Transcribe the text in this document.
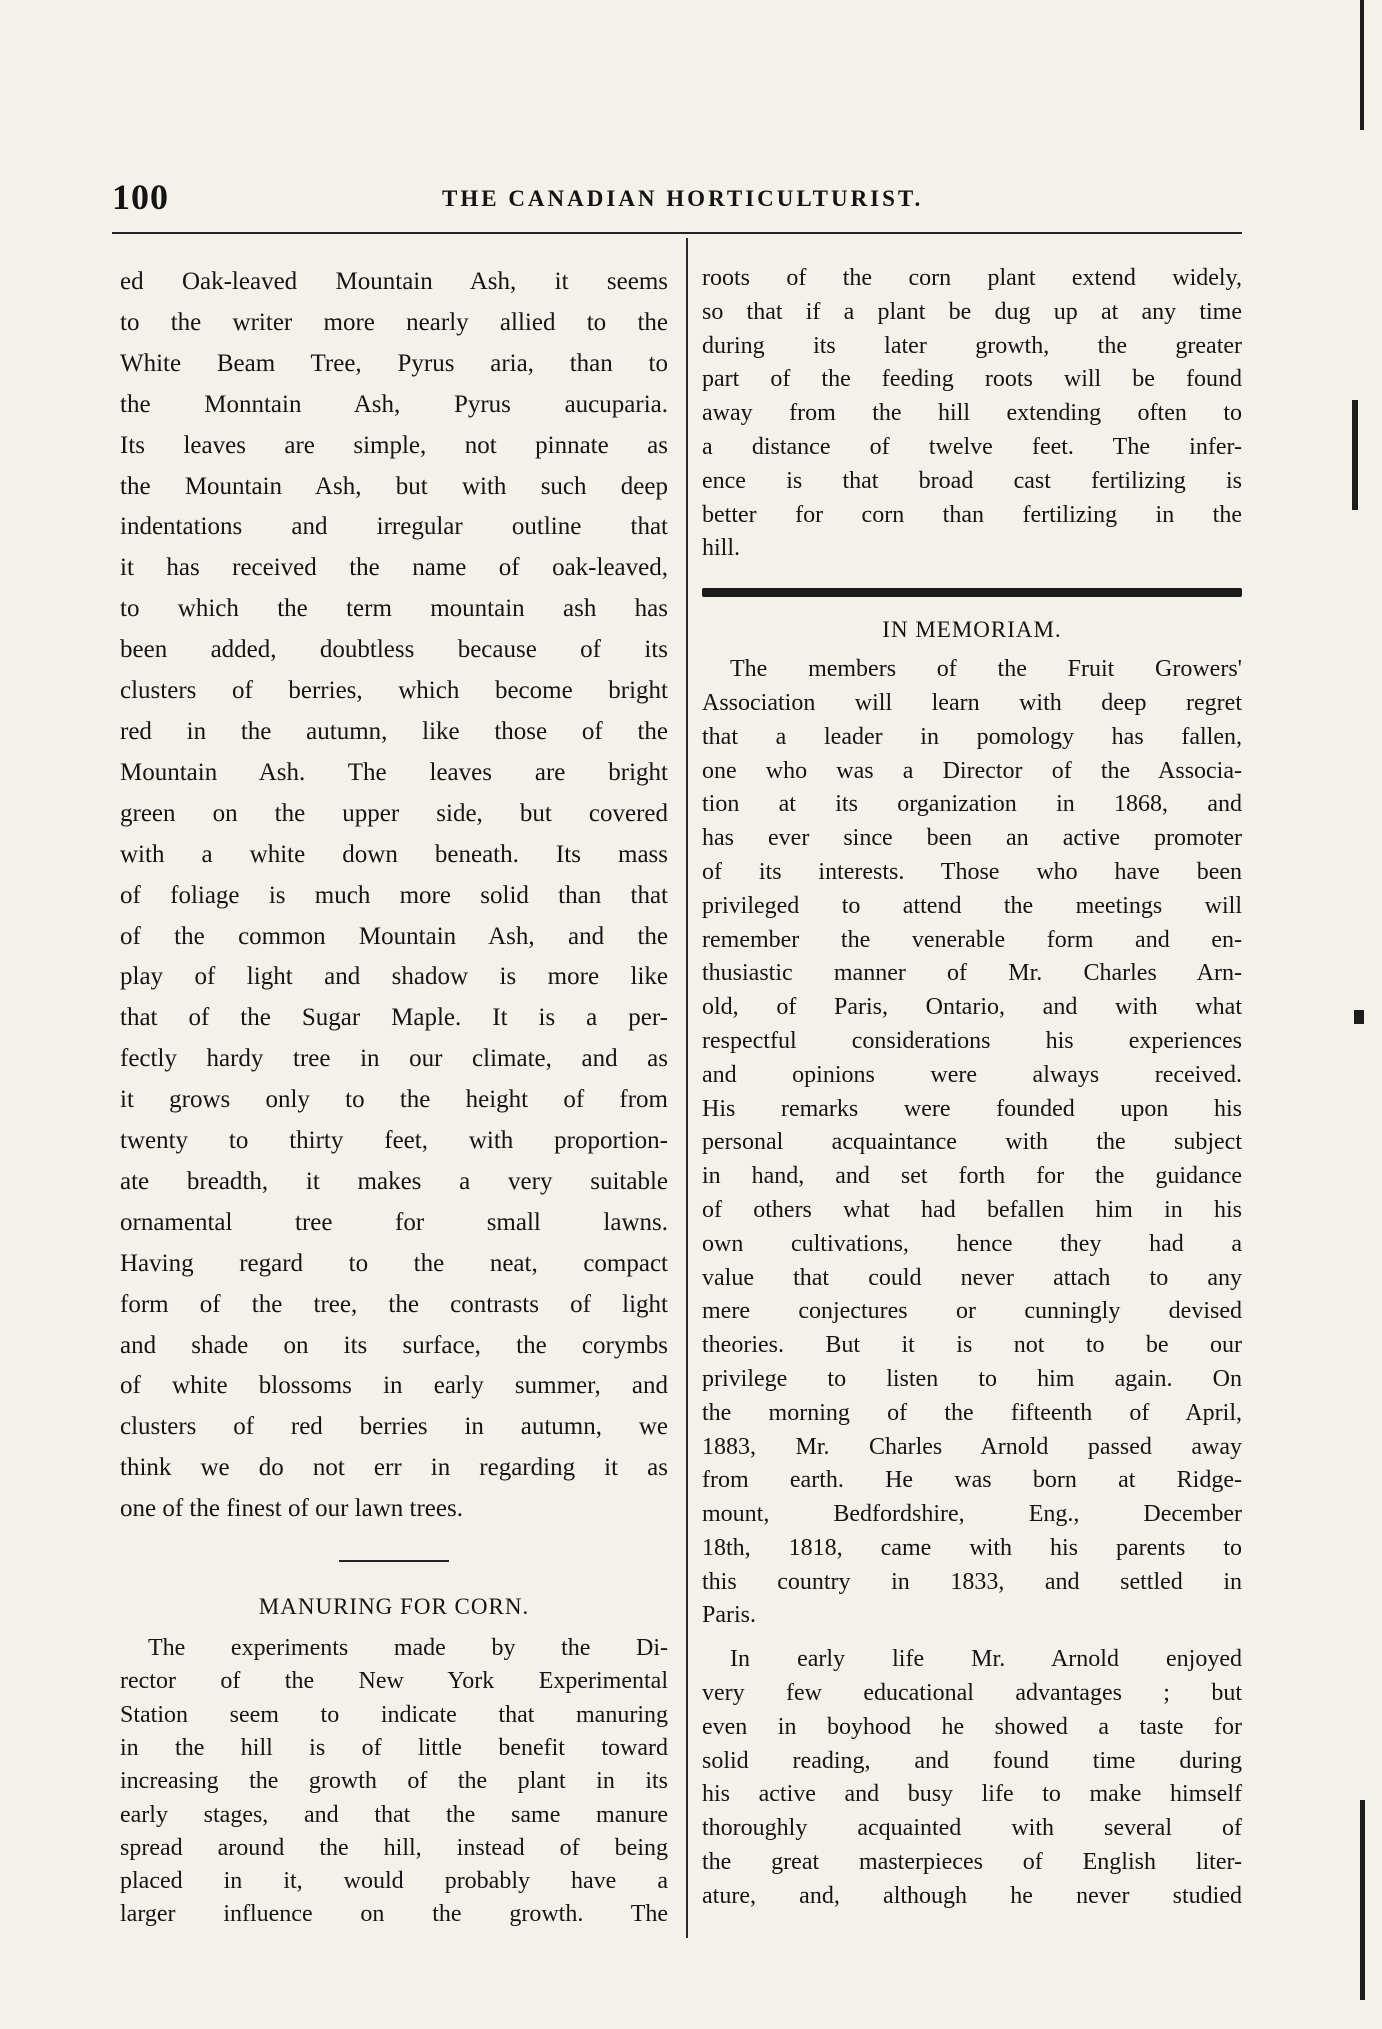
100	THE CANADIAN HORTICULTURIST.

ed Oak-leaved Mountain Ash, it seems

to the writer more nearly allied to the

White Beam Tree, Pyrus aria, than to

the Monntain Ash, Pyrus aucuparia.

Its leaves are simple, not pinnate as

the Mountain Ash, but with such deep

indentations and irregular outline that

it has received the name of oak-leaved,

to which the term mountain ash has

been added, doubtless because of its

clusters of berries, which become bright

red in the autumn, like those of the

Mountain Ash. The leaves are bright

green on the upper side, but covered

with a white down beneath. Its mass

of foliage is much more solid than that

of the common Mountain Ash, and the

play of light and shadow is more like

that of the Sugar Maple. It is a per-

fectly hardy tree in our climate, and as

it grows only to the height of from

twenty to thirty feet, with proportion-

ate breadth, it makes a very suitable

ornamental tree for small lawns.

Having regard to the neat, compact

form of the tree, the contrasts of light

and shade on its surface, the corymbs

of white blossoms in early summer, and

clusters of red berries in autumn, we

think we do not err in regarding it as

one of the finest of our lawn trees.

MANURING FOR CORN.

The experiments made by the Di-

rector of the New York Experimental

Station seem to indicate that manuring

in the hill is of little benefit toward

increasing the growth of the plant in its

early stages, and that the same manure

spread around the hill, instead of being

placed in it, would probably have a

larger influence on the growth. The

roots of the corn plant extend widely,

so that if a plant be dug up at any time

during its later growth, the greater

part of the feeding roots will be found

away from the hill extending often to

a distance of twelve feet. The infer-

ence is that broad cast fertilizing is

better for corn than fertilizing in the

hill.

IN MEMORIAM.

The members of the Fruit Growers'

Association will learn with deep regret

that a leader in pomology has fallen,

one who was a Director of the Associa-

tion at its organization in 1868, and

has ever since been an active promoter

of its interests. Those who have been

privileged to attend the meetings will

remember the venerable form and en-

thusiastic manner of Mr. Charles Arn-

old, of Paris, Ontario, and with what

respectful considerations his experiences

and opinions were always received.

His remarks were founded upon his

personal acquaintance with the subject

in hand, and set forth for the guidance

of others what had befallen him in his

own cultivations, hence they had a

value that could never attach to any

mere conjectures or cunningly devised

theories. But it is not to be our

privilege to listen to him again. On

the morning of the fifteenth of April,

1883, Mr. Charles Arnold passed away

from earth. He was born at Ridge-

mount, Bedfordshire, Eng., December

18th, 1818, came with his parents to

this country in 1833, and settled in

Paris.

In early life Mr. Arnold enjoyed

very few educational advantages ; but

even in boyhood he showed a taste for

solid reading, and found time during

his active and busy life to make himself

thoroughly acquainted with several of

the great masterpieces of English liter-

ature, and, although he never studied
